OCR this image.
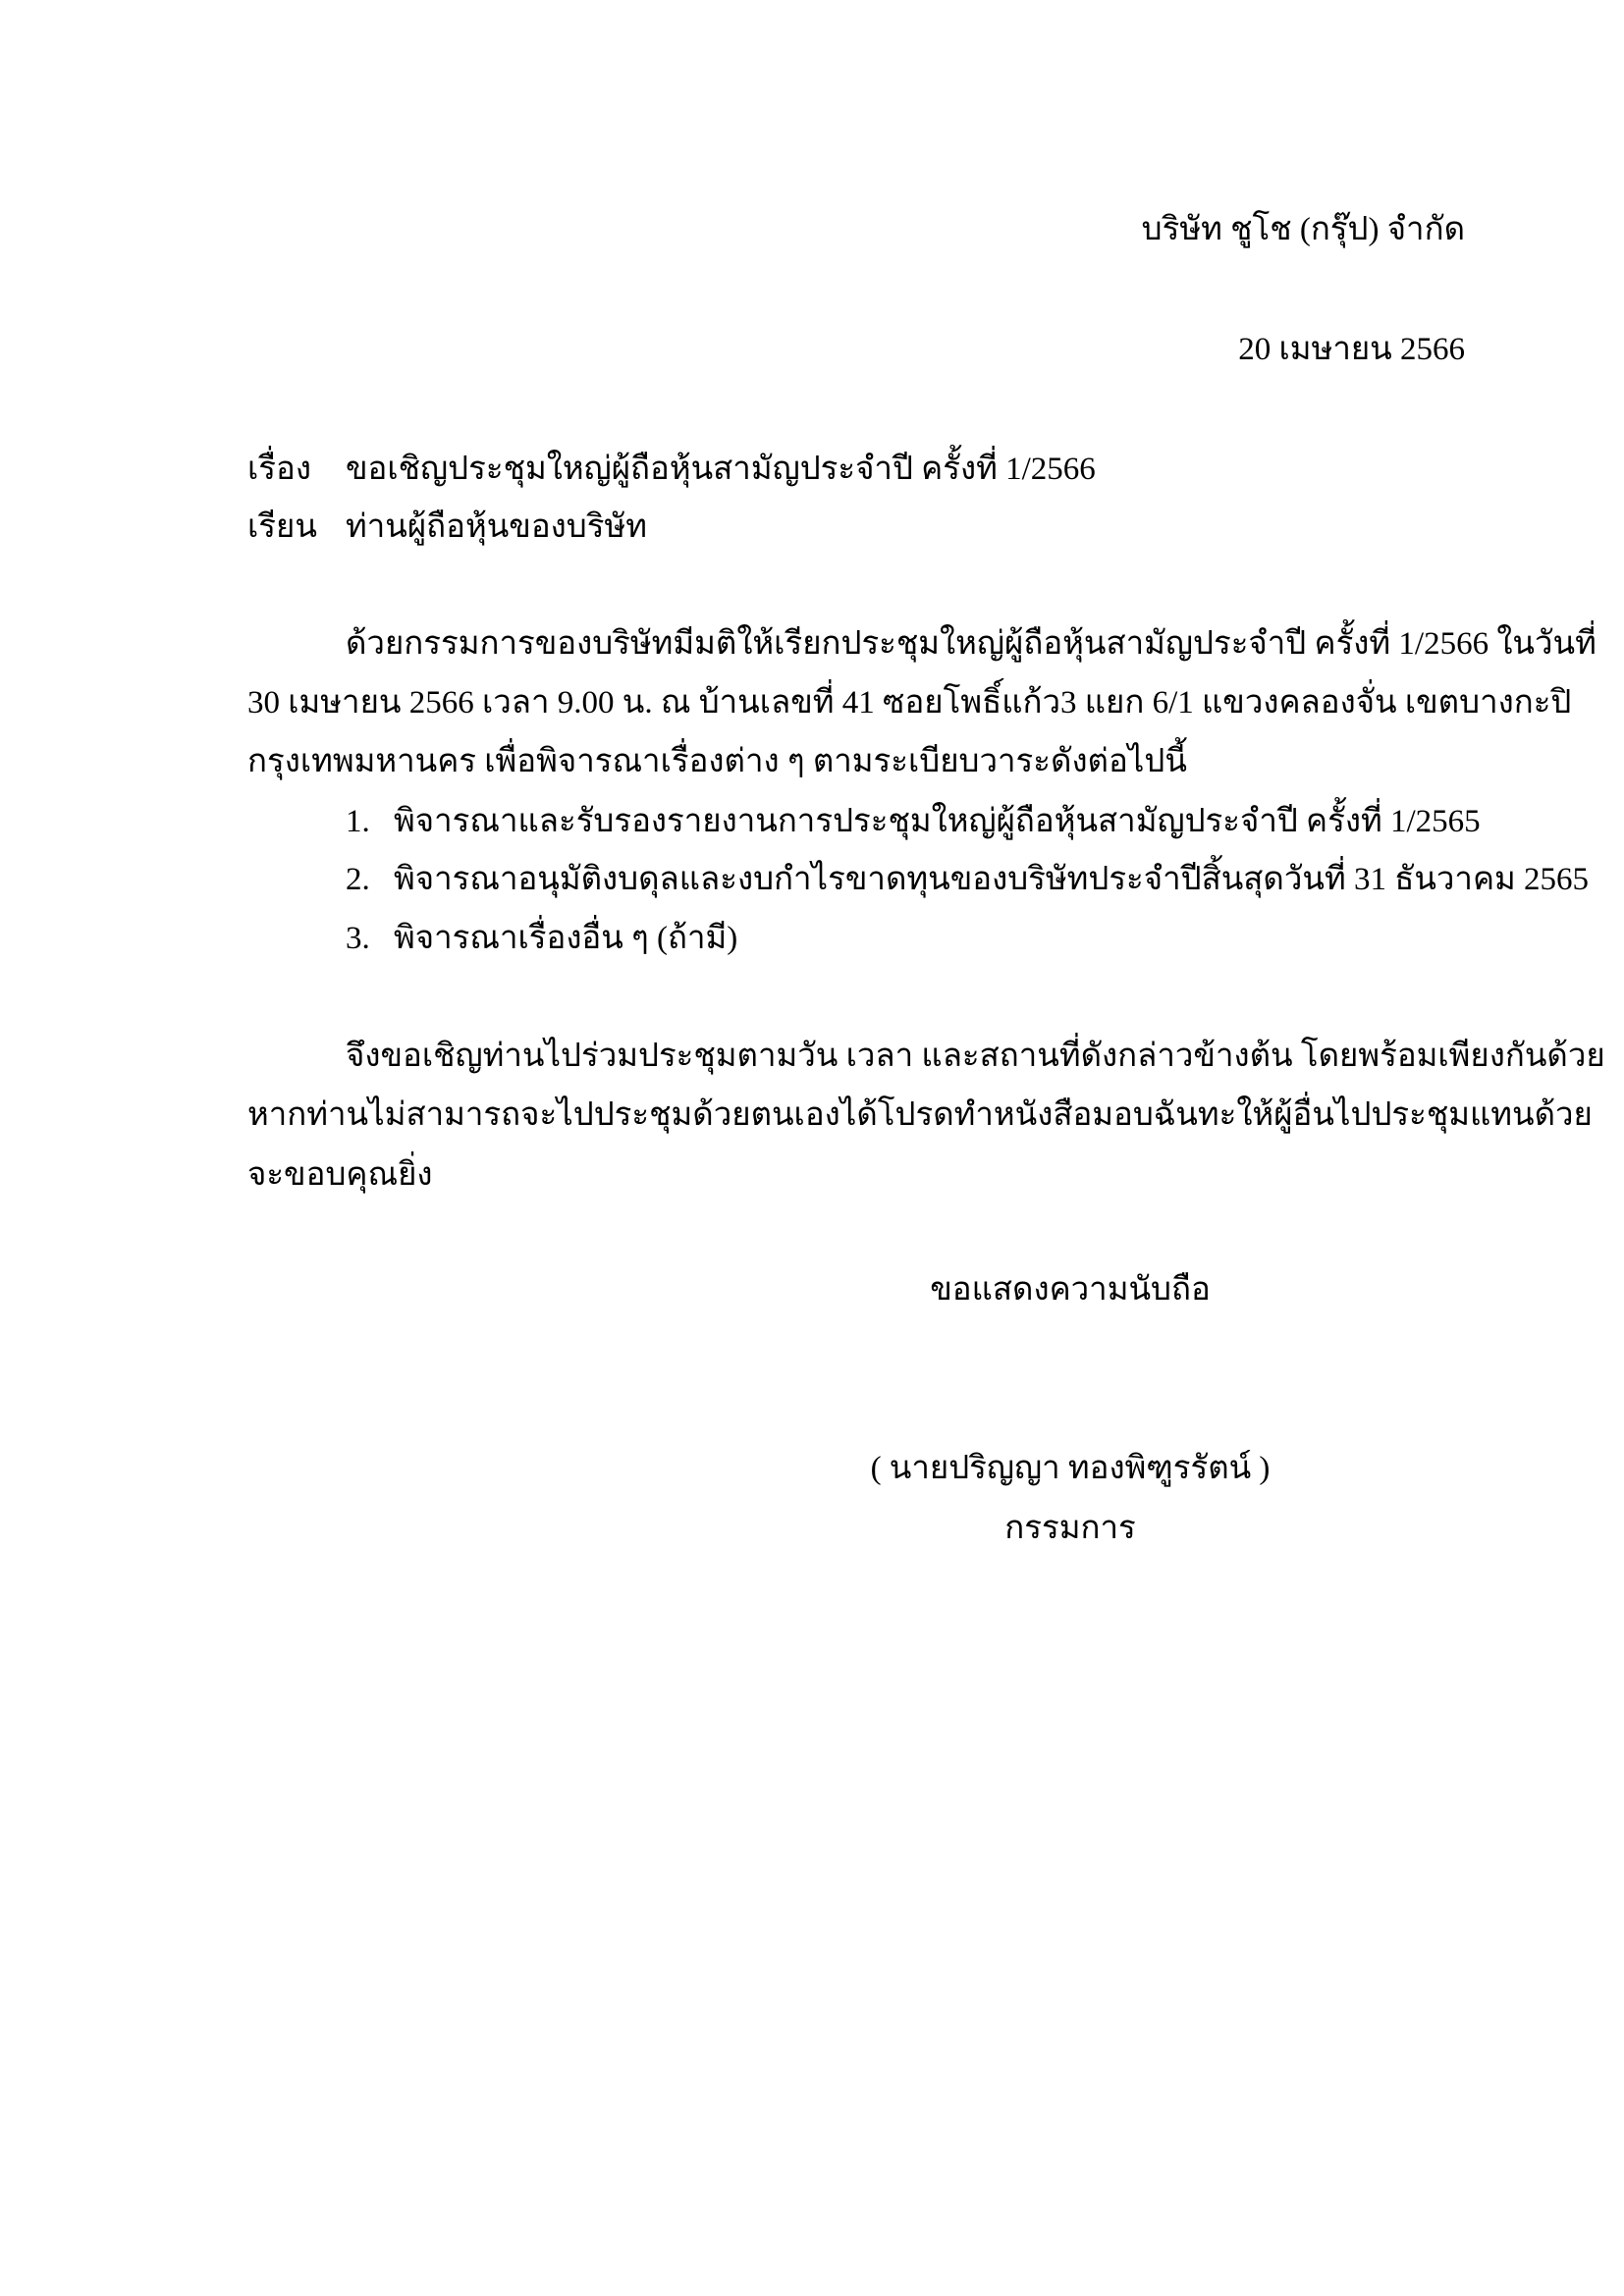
บริษัท ชูโช (กรุ๊ป) จำกัด
20 เมษายน 2566
เรื่อง ขอเชิญประชุมใหญ่ผู้ถือหุ้นสามัญประจำปี ครั้งที่ 1/2566
เรียน ท่านผู้ถือหุ้นของบริษัท
ด้วยกรรมการของบริษัทมีมติให้เรียกประชุมใหญ่ผู้ถือหุ้นสามัญประจำปี ครั้งที่ 1/2566 ในวันที่
30 เมษายน 2566 เวลา 9.00 น. ณ บ้านเลขที่ 41 ซอยโพธิ์แก้ว3 แยก 6/1 แขวงคลองจั่น เขตบางกะปิ
กรุงเทพมหานคร เพื่อพิจารณาเรื่องต่าง ๆ ตามระเบียบวาระดังต่อไปนี้
1. พิจารณาและรับรองรายงานการประชุมใหญ่ผู้ถือหุ้นสามัญประจำปี ครั้งที่ 1/2565
2. พิจารณาอนุมัติงบดุลและงบกำไรขาดทุนของบริษัทประจำปีสิ้นสุดวันที่ 31 ธันวาคม 2565
3. พิจารณาเรื่องอื่น ๆ (ถ้ามี)
จึงขอเชิญท่านไปร่วมประชุมตามวัน เวลา และสถานที่ดังกล่าวข้างต้น โดยพร้อมเพียงกันด้วย
หากท่านไม่สามารถจะไปประชุมด้วยตนเองได้โปรดทำหนังสือมอบฉันทะให้ผู้อื่นไปประชุมแทนด้วย
จะขอบคุณยิ่ง
ขอแสดงความนับถือ
( นายปริญญา ทองพิฑูรรัตน์ )
กรรมการ
